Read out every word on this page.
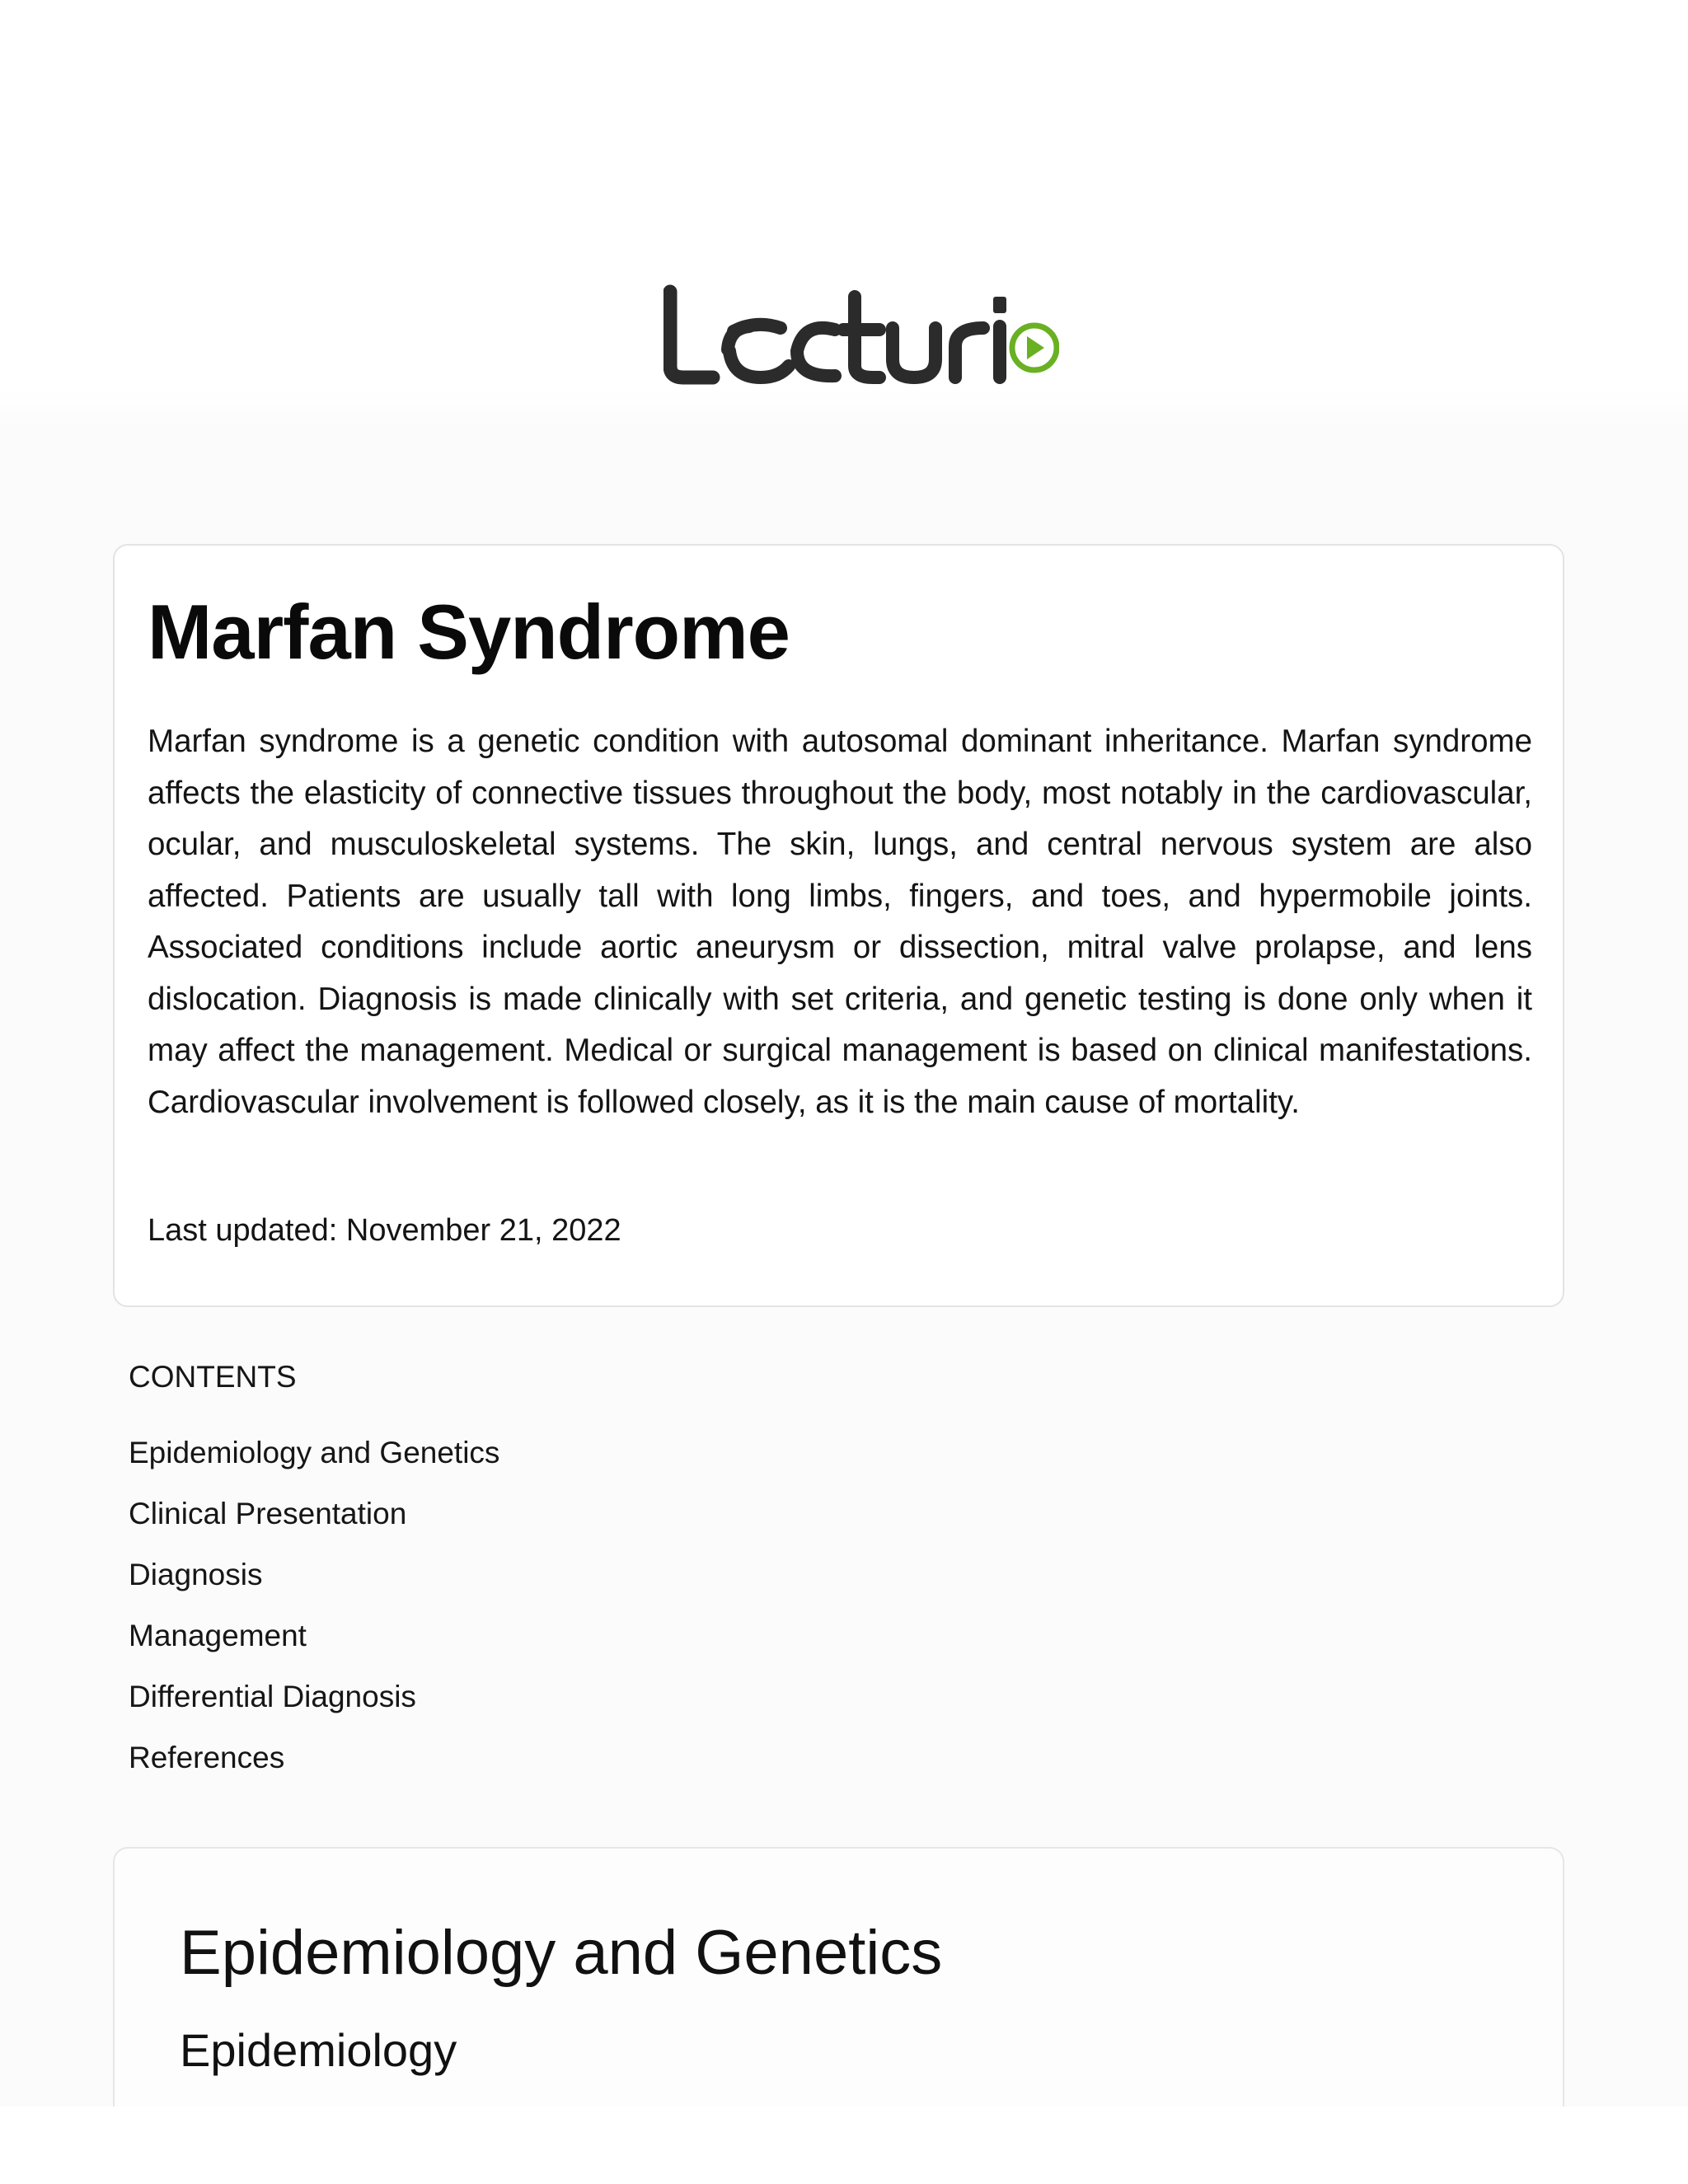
Marfan Syndrome

Marfan syndrome is a genetic condition with autosomal dominant inheritance. Marfan syndrome affects the elasticity of connective tissues throughout the body, most notably in the cardiovascular, ocular, and musculoskeletal systems. The skin, lungs, and central nervous system are also affected. Patients are usually tall with long limbs, fingers, and toes, and hypermobile joints. Associated conditions include aortic aneurysm or dissection, mitral valve prolapse, and lens dislocation. Diagnosis is made clinically with set criteria, and genetic testing is done only when it may affect the management. Medical or surgical management is based on clinical manifestations. Cardiovascular involvement is followed closely, as it is the main cause of mortality.

Last updated: November 21, 2022

CONTENTS
Epidemiology and Genetics
Clinical Presentation
Diagnosis
Management
Differential Diagnosis
References
Epidemiology and Genetics
Epidemiology
